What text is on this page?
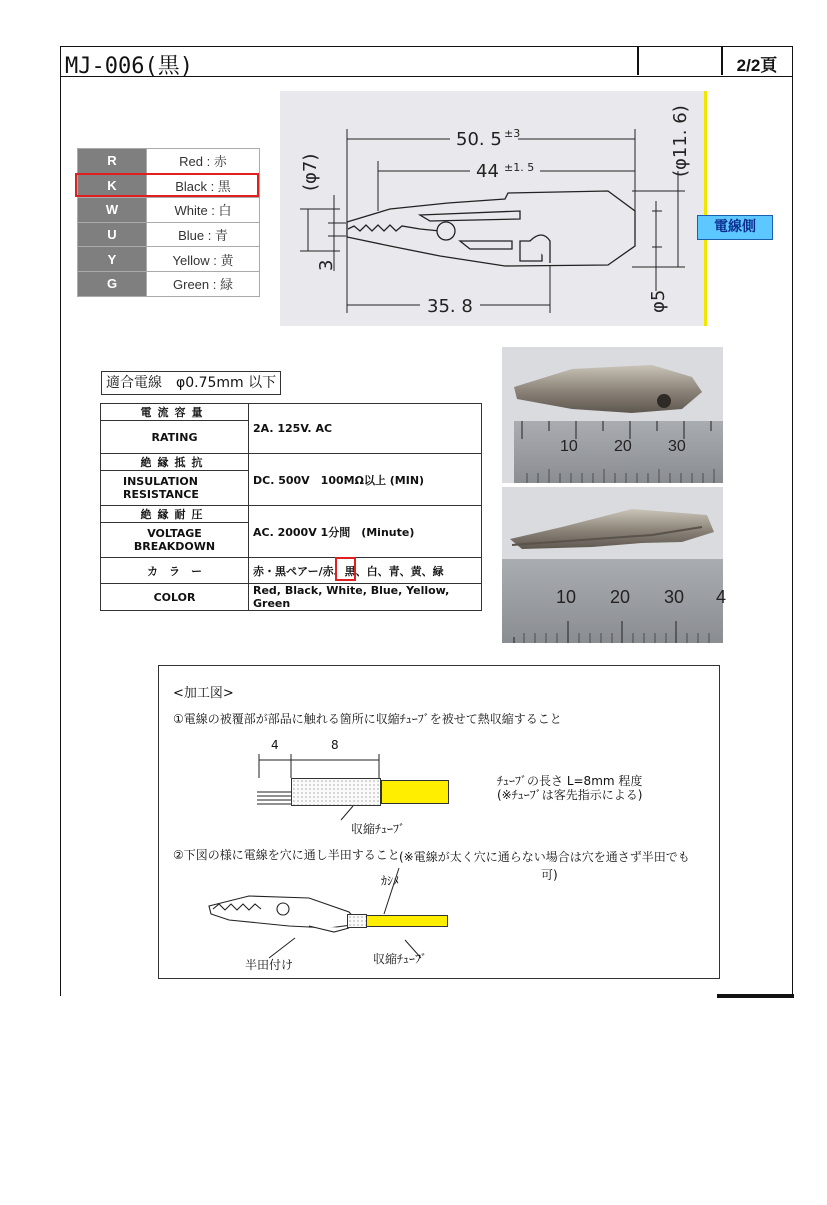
MJ-006(黒)	2/2頁
R	Red : 赤
K	Black : 黒
W	White : 白
U	Blue : 青
Y	Yellow : 黄
G	Green : 緑
50. 5 ±3
44 ±1. 5
35. 8
(φ7)
3
(φ11. 6)
φ5
電線側
適合電線　φ0.75mm 以下
電流容量	2A. 125V. AC
RATING	
絶縁抵抗	DC. 500V　100MΩ以上 (MIN)
INSULATION
RESISTANCE	
絶縁耐圧	AC. 2000V 1分間　(Minute)
VOLTAGE
BREAKDOWN	
カ　ラ　ー	赤・黒ペアー/赤、黒、白、青、黄、緑
COLOR	Red, Black, White, Blue, Yellow, Green
10 20 30
10 20 30 4
<加工図>
①電線の被覆部が部品に触れる箇所に収縮ﾁｭｰﾌﾞを被せて熱収縮すること
4	8
収縮ﾁｭｰﾌﾞ
ﾁｭｰﾌﾞの長さ L=8mm 程度
(※ﾁｭｰﾌﾞは客先指示による)
②下図の様に電線を穴に通し半田すること (※電線が太く穴に通らない場合は穴を通さず半田でも
可)
ｶｼﾒ
半田付け	収縮ﾁｭｰﾌﾞ
